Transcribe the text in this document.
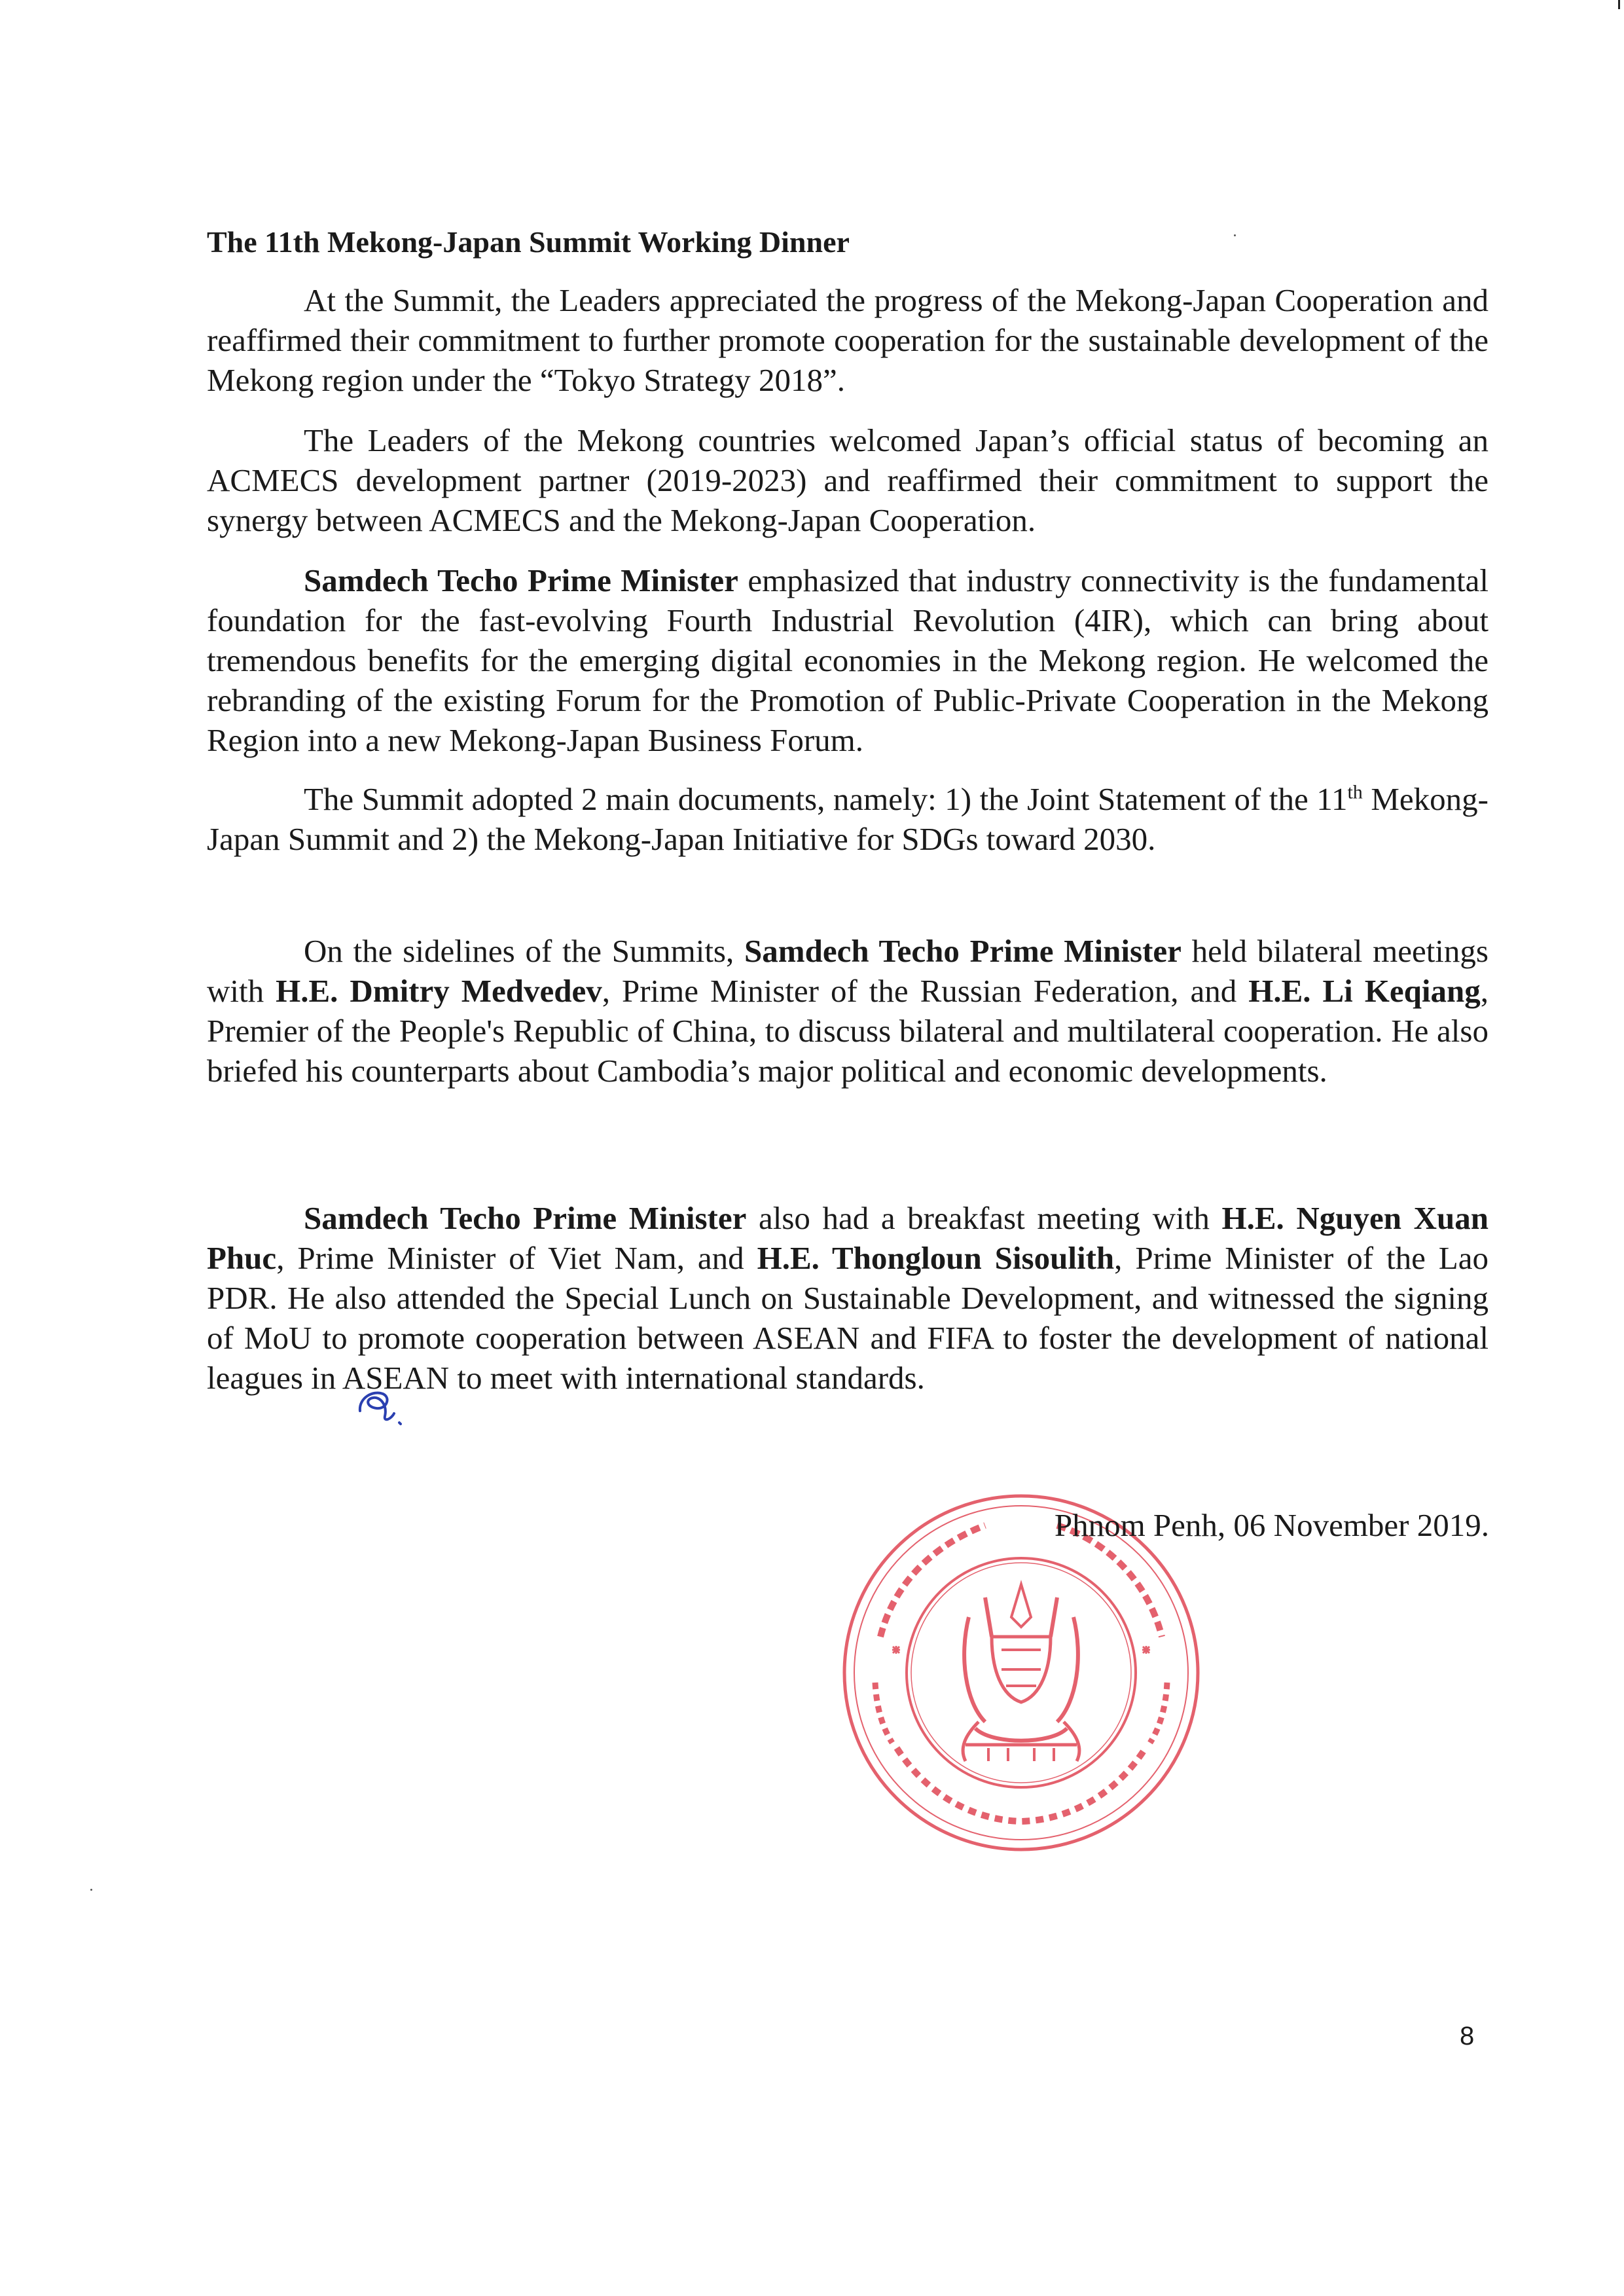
The 11th Mekong-Japan Summit Working Dinner

At the Summit, the Leaders appreciated the progress of the Mekong-Japan Cooperation and reaffirmed their commitment to further promote cooperation for the sustainable development of the Mekong region under the “Tokyo Strategy 2018”.

The Leaders of the Mekong countries welcomed Japan’s official status of becoming an ACMECS development partner (2019-2023) and reaffirmed their commitment to support the synergy between ACMECS and the Mekong-Japan Cooperation.

Samdech Techo Prime Minister emphasized that industry connectivity is the fundamental foundation for the fast-evolving Fourth Industrial Revolution (4IR), which can bring about tremendous benefits for the emerging digital economies in the Mekong region. He welcomed the rebranding of the existing Forum for the Promotion of Public-Private Cooperation in the Mekong Region into a new Mekong-Japan Business Forum.

The Summit adopted 2 main documents, namely: 1) the Joint Statement of the 11th Mekong-Japan Summit and 2) the Mekong-Japan Initiative for SDGs toward 2030.

On the sidelines of the Summits, Samdech Techo Prime Minister held bilateral meetings with H.E. Dmitry Medvedev, Prime Minister of the Russian Federation, and H.E. Li Keqiang, Premier of the People's Republic of China, to discuss bilateral and multilateral cooperation. He also briefed his counterparts about Cambodia’s major political and economic developments.

Samdech Techo Prime Minister also had a breakfast meeting with H.E. Nguyen Xuan Phuc, Prime Minister of Viet Nam, and H.E. Thongloun Sisoulith, Prime Minister of the Lao PDR. He also attended the Special Lunch on Sustainable Development, and witnessed the signing of MoU to promote cooperation between ASEAN and FIFA to foster the development of national leagues in ASEAN to meet with international standards.

Phnom Penh, 06 November 2019.
8
